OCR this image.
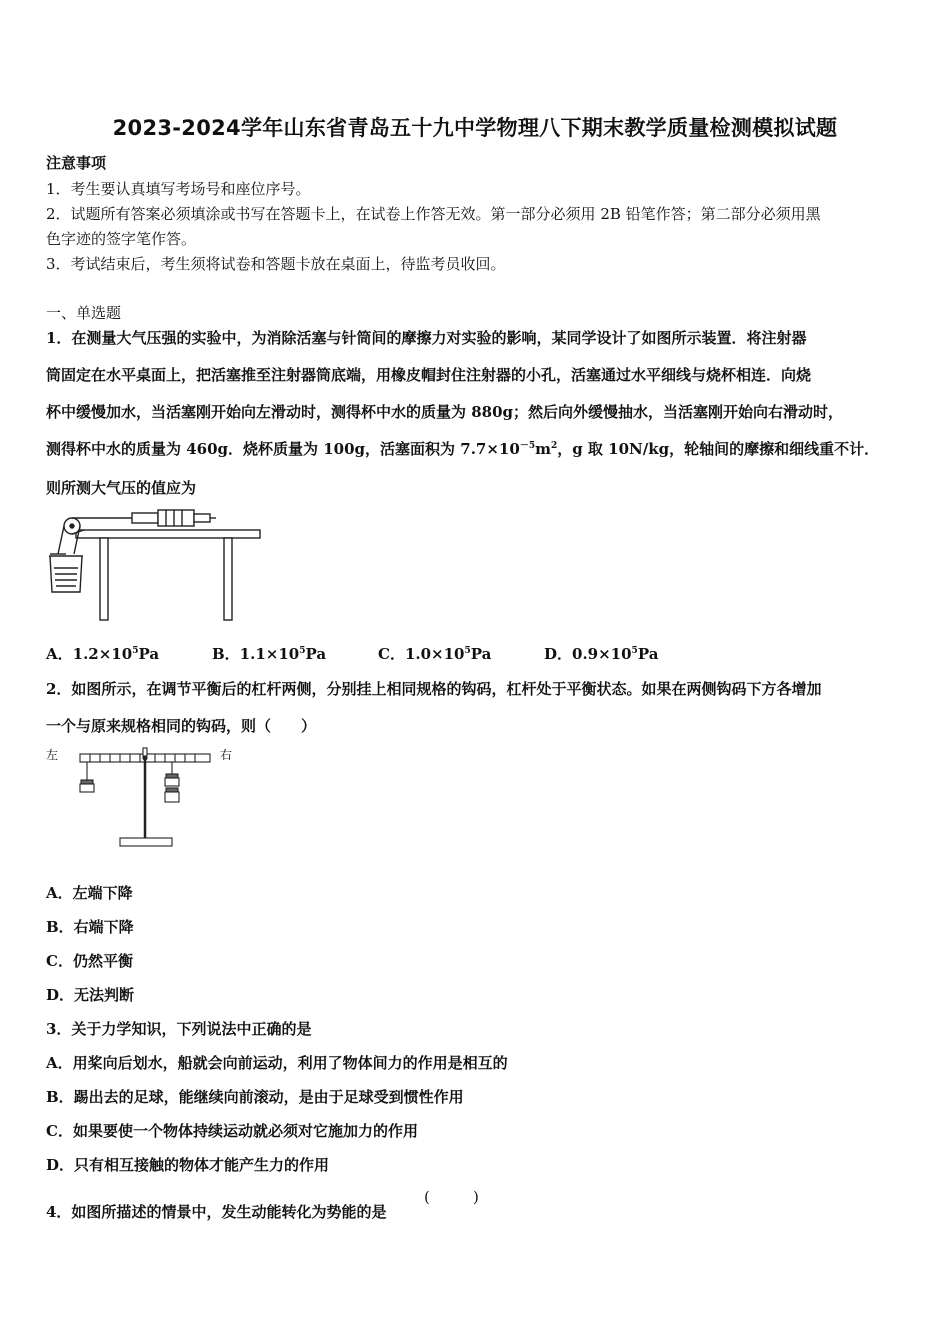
2023-2024学年山东省青岛五十九中学物理八下期末教学质量检测模拟试题
注意事项
1．考生要认真填写考场号和座位序号。
2．试题所有答案必须填涂或书写在答题卡上，在试卷上作答无效。第一部分必须用 2B 铅笔作答；第二部分必须用黑
色字迹的签字笔作答。
3．考试结束后，考生须将试卷和答题卡放在桌面上，待监考员收回。
一、单选题
1．在测量大气压强的实验中，为消除活塞与针筒间的摩擦力对实验的影响，某同学设计了如图所示装置．将注射器
筒固定在水平桌面上，把活塞推至注射器筒底端，用橡皮帽封住注射器的小孔，活塞通过水平细线与烧杯相连．向烧
杯中缓慢加水，当活塞刚开始向左滑动时，测得杯中水的质量为 880g；然后向外缓慢抽水，当活塞刚开始向右滑动时，
测得杯中水的质量为 460g．烧杯质量为 100g，活塞面积为 $7.7\times 10^{-5}m^2$，g 取 10N/kg，轮轴间的摩擦和细线重不计．
则所测大气压的值应为
A．$1.2\times 10^5Pa$	B．$1.1\times 10^5Pa$	C．$1.0\times 10^5Pa$	D．$0.9\times 10^5Pa$
2．如图所示，在调节平衡后的杠杆两侧，分别挂上相同规格的钩码，杠杆处于平衡状态。如果在两侧钩码下方各增加
一个与原来规格相同的钩码，则（　　）
左	右
A．左端下降
B．右端下降
C．仍然平衡
D．无法判断
3．关于力学知识，下列说法中正确的是
A．用桨向后划水，船就会向前运动，利用了物体间力的作用是相互的
B．踢出去的足球，能继续向前滚动，是由于足球受到惯性作用
C．如果要使一个物体持续运动就必须对它施加力的作用
D．只有相互接触的物体才能产生力的作用
4．如图所描述的情景中，发生动能转化为势能的是
(	)
